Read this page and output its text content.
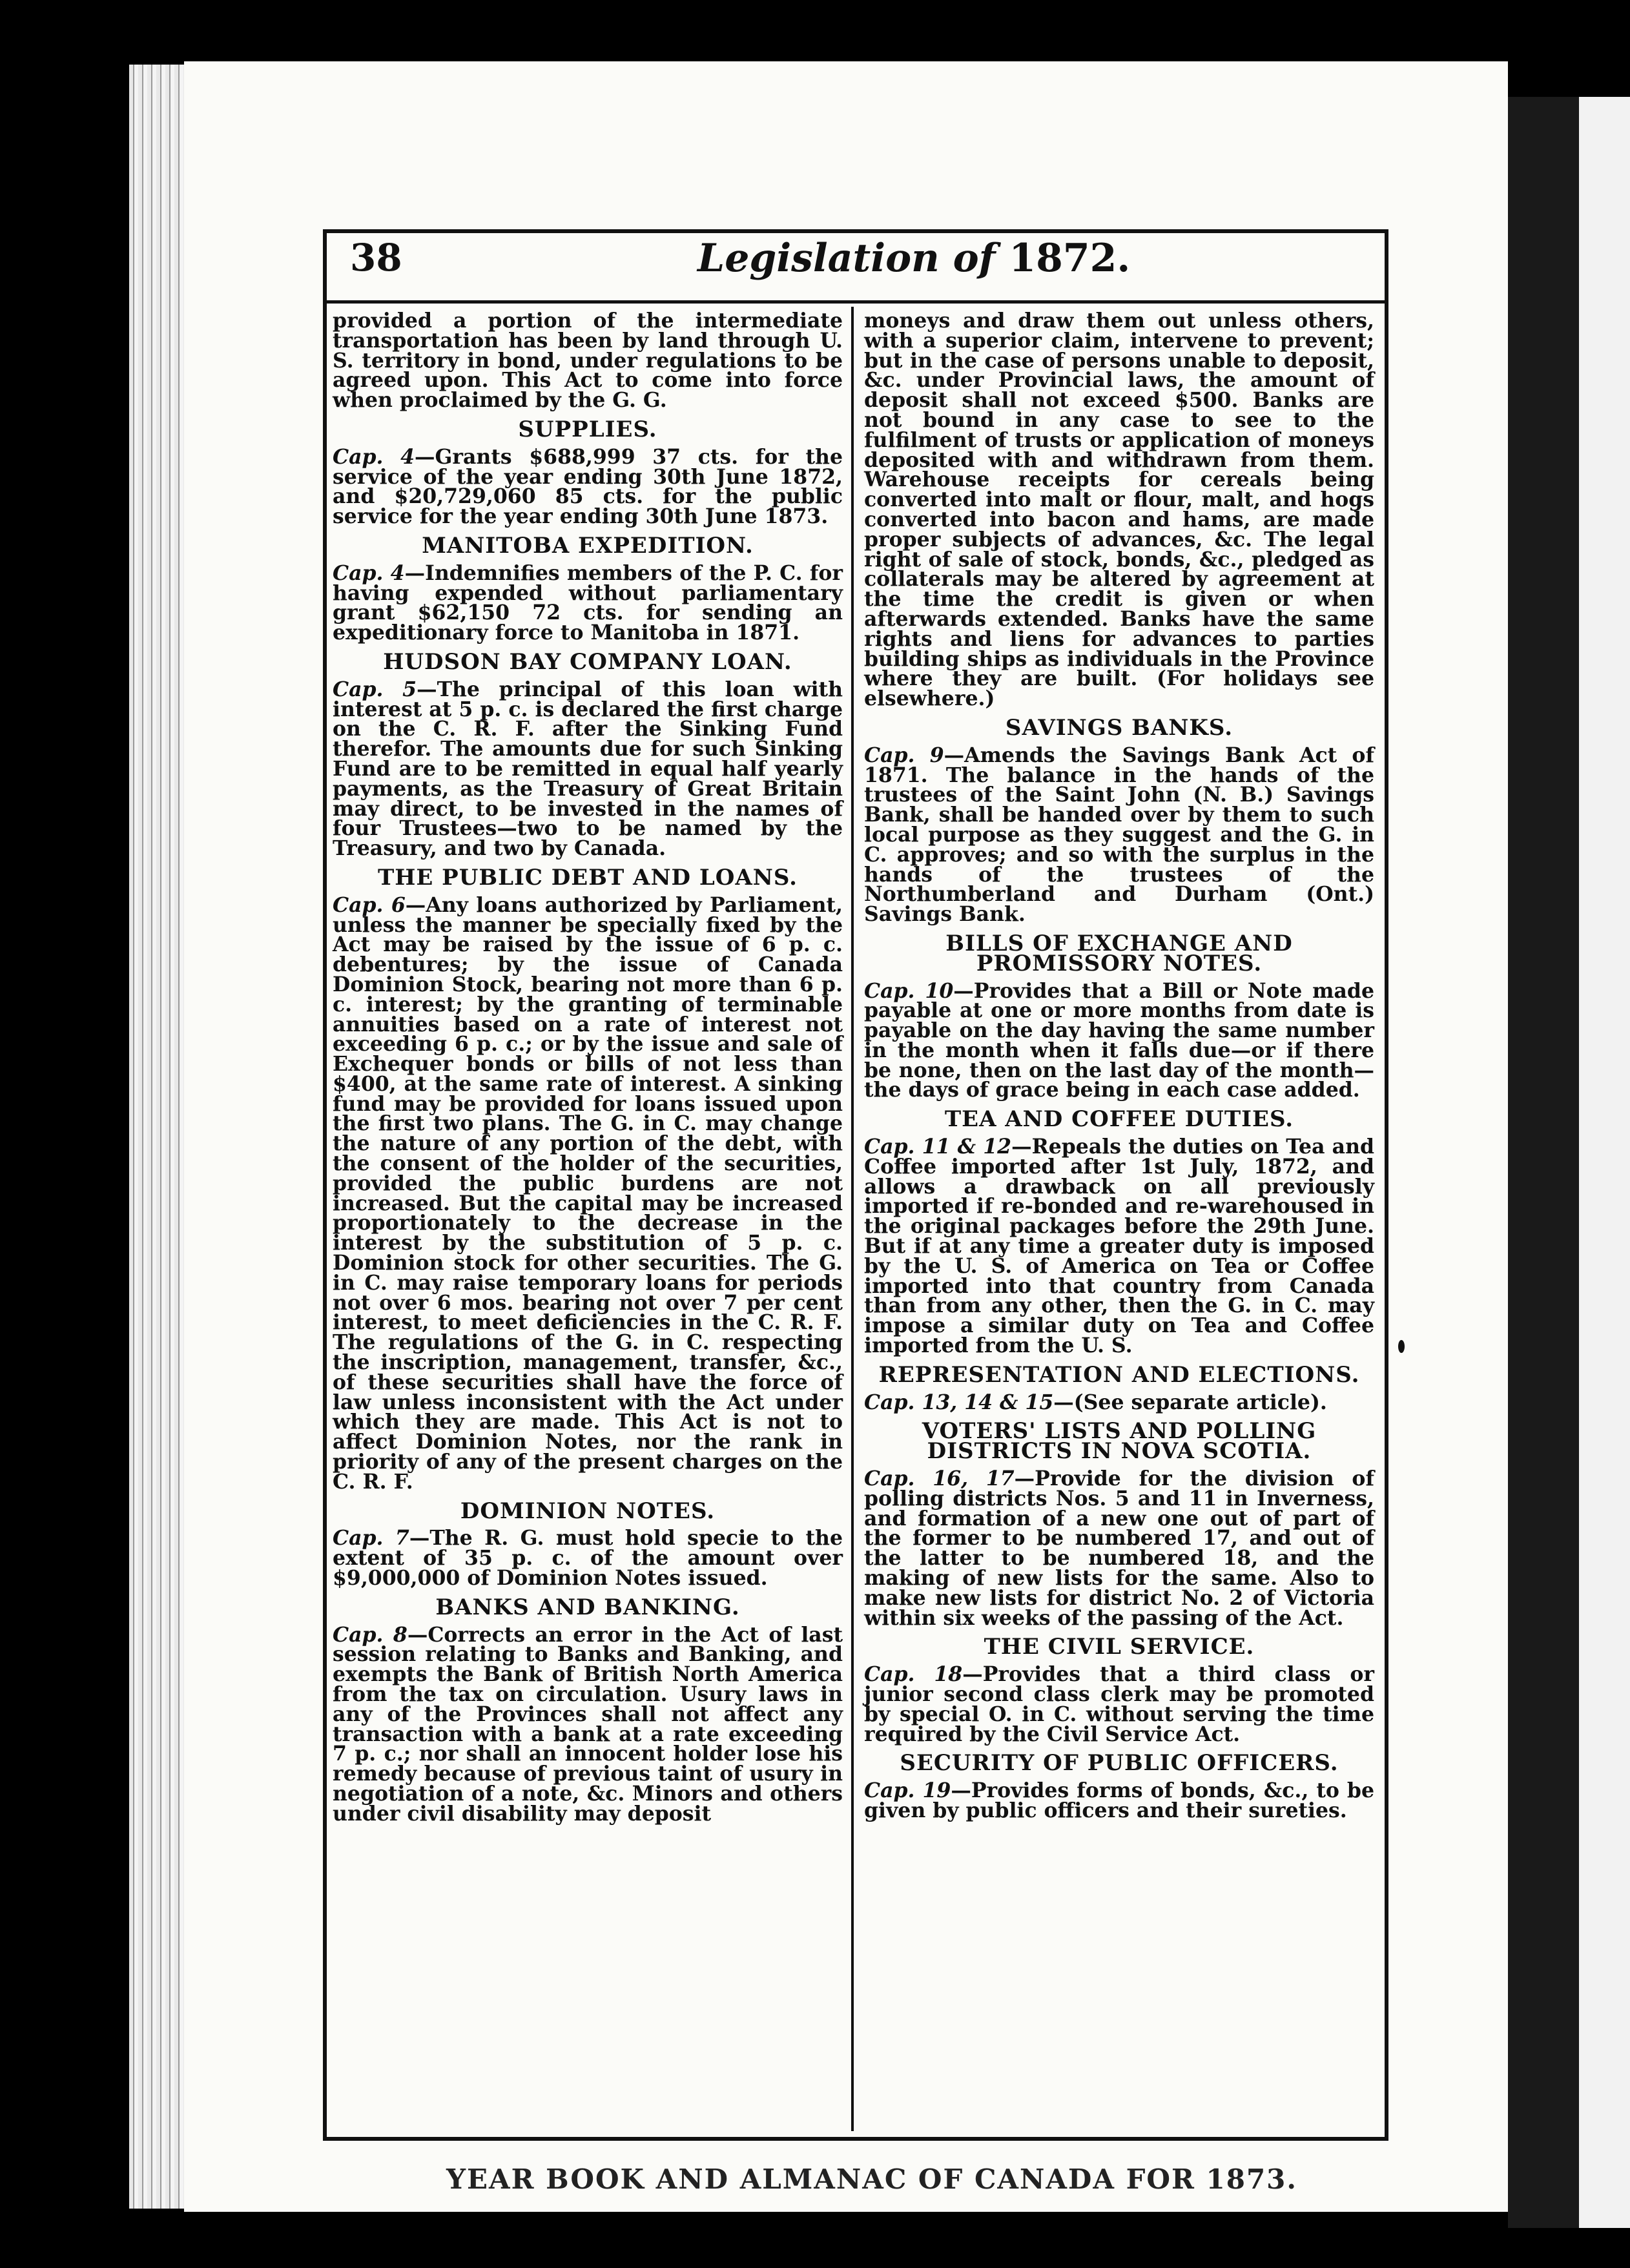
38	Legislation of 1872.

provided a portion of the intermediate transportation has been by land through U. S. territory in bond, under regulations to be agreed upon. This Act to come into force when proclaimed by the G. G.

SUPPLIES.

Cap. 4—Grants $688,999 37 cts. for the service of the year ending 30th June 1872, and $20,729,060 85 cts. for the public service for the year ending 30th June 1873.

MANITOBA EXPEDITION.

Cap. 4—Indemnifies members of the P. C. for having expended without parliamentary grant $62,150 72 cts. for sending an expeditionary force to Manitoba in 1871.

HUDSON BAY COMPANY LOAN.

Cap. 5—The principal of this loan with interest at 5 p. c. is declared the first charge on the C. R. F. after the Sinking Fund therefor. The amounts due for such Sinking Fund are to be remitted in equal half yearly payments, as the Treasury of Great Britain may direct, to be invested in the names of four Trustees—two to be named by the Treasury, and two by Canada.

THE PUBLIC DEBT AND LOANS.

Cap. 6—Any loans authorized by Parliament, unless the manner be specially fixed by the Act may be raised by the issue of 6 p. c. debentures; by the issue of Canada Dominion Stock, bearing not more than 6 p. c. interest; by the granting of terminable annuities based on a rate of interest not exceeding 6 p. c.; or by the issue and sale of Exchequer bonds or bills of not less than $400, at the same rate of interest. A sinking fund may be provided for loans issued upon the first two plans. The G. in C. may change the nature of any portion of the debt, with the consent of the holder of the securities, provided the public burdens are not increased. But the capital may be increased proportionately to the decrease in the interest by the substitution of 5 p. c. Dominion stock for other securities. The G. in C. may raise temporary loans for periods not over 6 mos. bearing not over 7 per cent interest, to meet deficiencies in the C. R. F. The regulations of the G. in C. respecting the inscription, management, transfer, &c., of these securities shall have the force of law unless inconsistent with the Act under which they are made. This Act is not to affect Dominion Notes, nor the rank in priority of any of the present charges on the C. R. F.

DOMINION NOTES.

Cap. 7—The R. G. must hold specie to the extent of 35 p. c. of the amount over $9,000,000 of Dominion Notes issued.

BANKS AND BANKING.

Cap. 8—Corrects an error in the Act of last session relating to Banks and Banking, and exempts the Bank of British North America from the tax on circulation. Usury laws in any of the Provinces shall not affect any transaction with a bank at a rate exceeding 7 p. c.; nor shall an innocent holder lose his remedy because of previous taint of usury in negotiation of a note, &c. Minors and others under civil disability may deposit

moneys and draw them out unless others, with a superior claim, intervene to prevent; but in the case of persons unable to deposit, &c. under Provincial laws, the amount of deposit shall not exceed $500. Banks are not bound in any case to see to the fulfilment of trusts or application of moneys deposited with and withdrawn from them. Warehouse receipts for cereals being converted into malt or flour, malt, and hogs converted into bacon and hams, are made proper subjects of advances, &c. The legal right of sale of stock, bonds, &c., pledged as collaterals may be altered by agreement at the time the credit is given or when afterwards extended. Banks have the same rights and liens for advances to parties building ships as individuals in the Province where they are built. (For holidays see elsewhere.)

SAVINGS BANKS.

Cap. 9—Amends the Savings Bank Act of 1871. The balance in the hands of the trustees of the Saint John (N. B.) Savings Bank, shall be handed over by them to such local purpose as they suggest and the G. in C. approves; and so with the surplus in the hands of the trustees of the Northumberland and Durham (Ont.) Savings Bank.

BILLS OF EXCHANGE AND PROMISSORY NOTES.

Cap. 10—Provides that a Bill or Note made payable at one or more months from date is payable on the day having the same number in the month when it falls due—or if there be none, then on the last day of the month—the days of grace being in each case added.

TEA AND COFFEE DUTIES.

Cap. 11 & 12—Repeals the duties on Tea and Coffee imported after 1st July, 1872, and allows a drawback on all previously imported if re-bonded and re-warehoused in the original packages before the 29th June. But if at any time a greater duty is imposed by the U. S. of America on Tea or Coffee imported into that country from Canada than from any other, then the G. in C. may impose a similar duty on Tea and Coffee imported from the U. S.

REPRESENTATION AND ELECTIONS.

Cap. 13, 14 & 15—(See separate article).

VOTERS' LISTS AND POLLING DISTRICTS IN NOVA SCOTIA.

Cap. 16, 17—Provide for the division of polling districts Nos. 5 and 11 in Inverness, and formation of a new one out of part of the former to be numbered 17, and out of the latter to be numbered 18, and the making of new lists for the same. Also to make new lists for district No. 2 of Victoria within six weeks of the passing of the Act.

THE CIVIL SERVICE.

Cap. 18—Provides that a third class or junior second class clerk may be promoted by special O. in C. without serving the time required by the Civil Service Act.

SECURITY OF PUBLIC OFFICERS.

Cap. 19—Provides forms of bonds, &c., to be given by public officers and their sureties.

YEAR BOOK AND ALMANAC OF CANADA FOR 1873.
